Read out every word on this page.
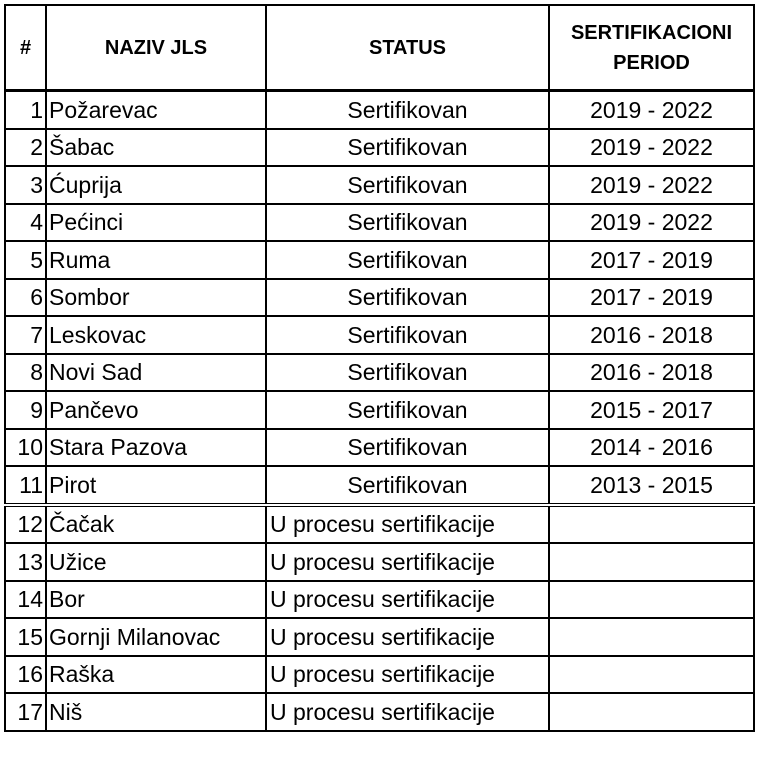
#	NAZIV JLS	STATUS	SERTIFIKACIONI PERIOD
1	Požarevac	Sertifikovan	2019 - 2022
2	Šabac	Sertifikovan	2019 - 2022
3	Ćuprija	Sertifikovan	2019 - 2022
4	Pećinci	Sertifikovan	2019 - 2022
5	Ruma	Sertifikovan	2017 - 2019
6	Sombor	Sertifikovan	2017 - 2019
7	Leskovac	Sertifikovan	2016 - 2018
8	Novi Sad	Sertifikovan	2016 - 2018
9	Pančevo	Sertifikovan	2015 - 2017
10	Stara Pazova	Sertifikovan	2014 - 2016
11	Pirot	Sertifikovan	2013 - 2015
12	Čačak	U procesu sertifikacije	
13	Užice	U procesu sertifikacije	
14	Bor	U procesu sertifikacije	
15	Gornji Milanovac	U procesu sertifikacije	
16	Raška	U procesu sertifikacije	
17	Niš	U procesu sertifikacije	
